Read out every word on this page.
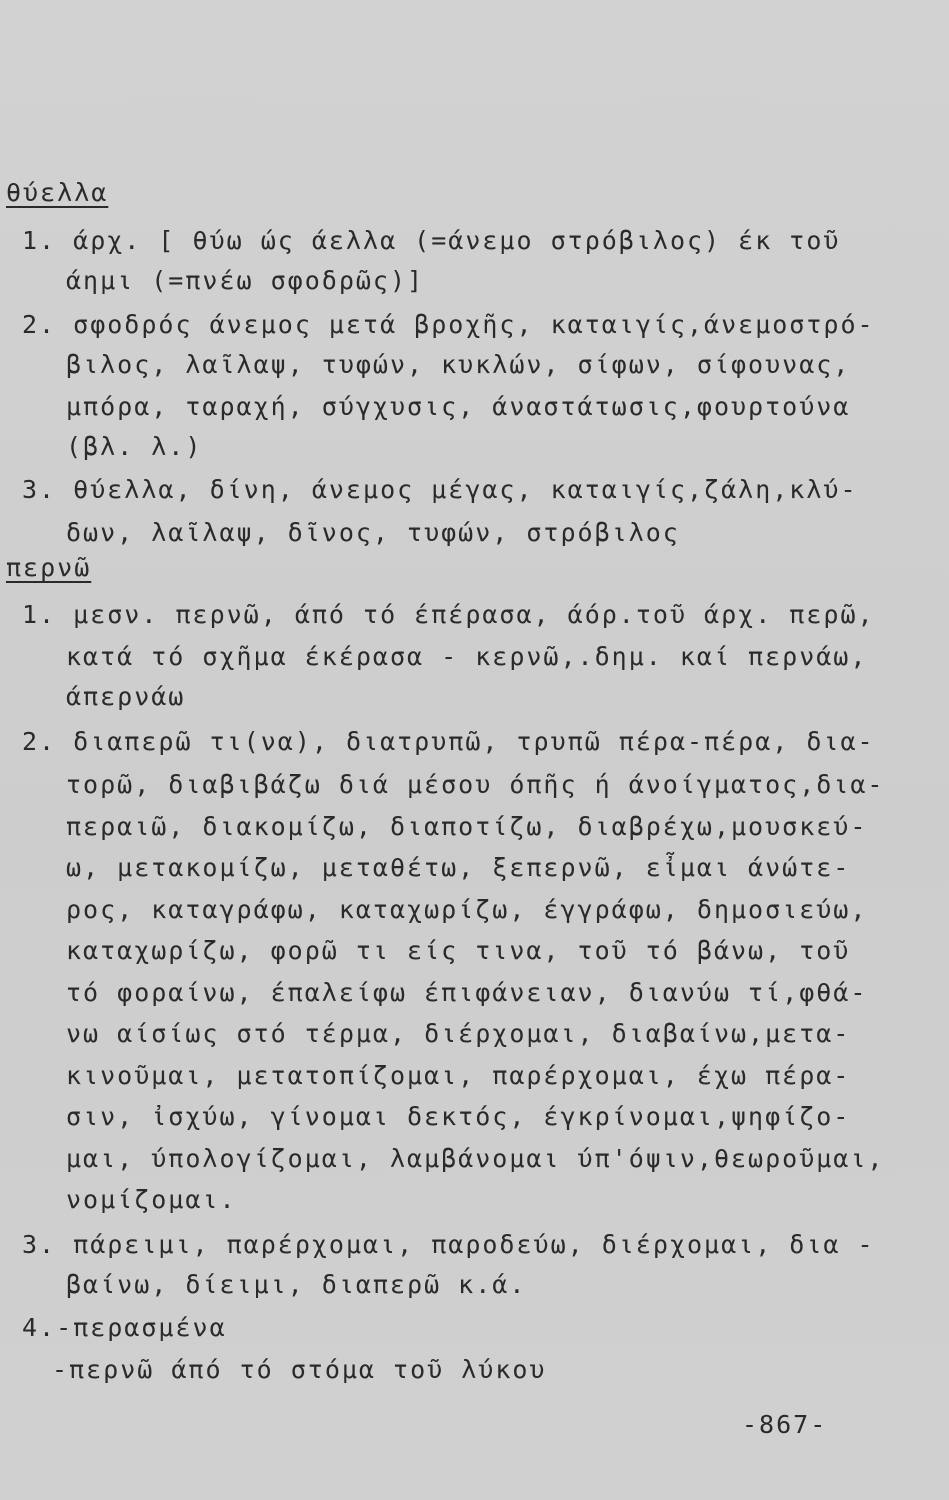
θύελλα
1. άρχ. [ θύω ώς άελλα (=άνεμο στρόβιλος) έκ τοῦ
άημι (=πνέω σφοδρῶς)]
2. σφοδρός άνεμος μετά βροχῆς, καταιγίς,άνεμοστρό-
βιλος, λαῖλαψ, τυφών, κυκλών, σίφων, σίφουνας,
μπόρα, ταραχή, σύγχυσις, άναστάτωσις,φουρτούνα
(βλ. λ.)
3. θύελλα, δίνη, άνεμος μέγας, καταιγίς,ζάλη,κλύ-
δων, λαῖλαψ, δῖνος, τυφών, στρόβιλος
περνῶ
1. μεσν. περνῶ, άπό τό έπέρασα, άόρ.τοῦ άρχ. περῶ,
κατά τό σχῆμα έκέρασα - κερνῶ,.δημ. καί περνάω,
άπερνάω
2. διαπερῶ τι(να), διατρυπῶ, τρυπῶ πέρα-πέρα, δια-
τορῶ, διαβιβάζω διά μέσου όπῆς ή άνοίγματος,δια-
περαιῶ, διακομίζω, διαποτίζω, διαβρέχω,μουσκεύ-
ω, μετακομίζω, μεταθέτω, ξεπερνῶ, εἶμαι άνώτε-
ρος, καταγράφω, καταχωρίζω, έγγράφω, δημοσιεύω,
καταχωρίζω, φορῶ τι είς τινα, τοῦ τό βάνω, τοῦ
τό φοραίνω, έπαλείφω έπιφάνειαν, διανύω τί,φθά-
νω αίσίως στό τέρμα, διέρχομαι, διαβαίνω,μετα-
κινοῦμαι, μετατοπίζομαι, παρέρχομαι, έχω πέρα-
σιν, ἰσχύω, γίνομαι δεκτός, έγκρίνομαι,ψηφίζο-
μαι, ύπολογίζομαι, λαμβάνομαι ύπ'όψιν,θεωροῦμαι,
νομίζομαι.
3. πάρειμι, παρέρχομαι, παροδεύω, διέρχομαι, δια -
βαίνω, δίειμι, διαπερῶ κ.ά.
4.-περασμένα
-περνῶ άπό τό στόμα τοῦ λύκου
-867-
